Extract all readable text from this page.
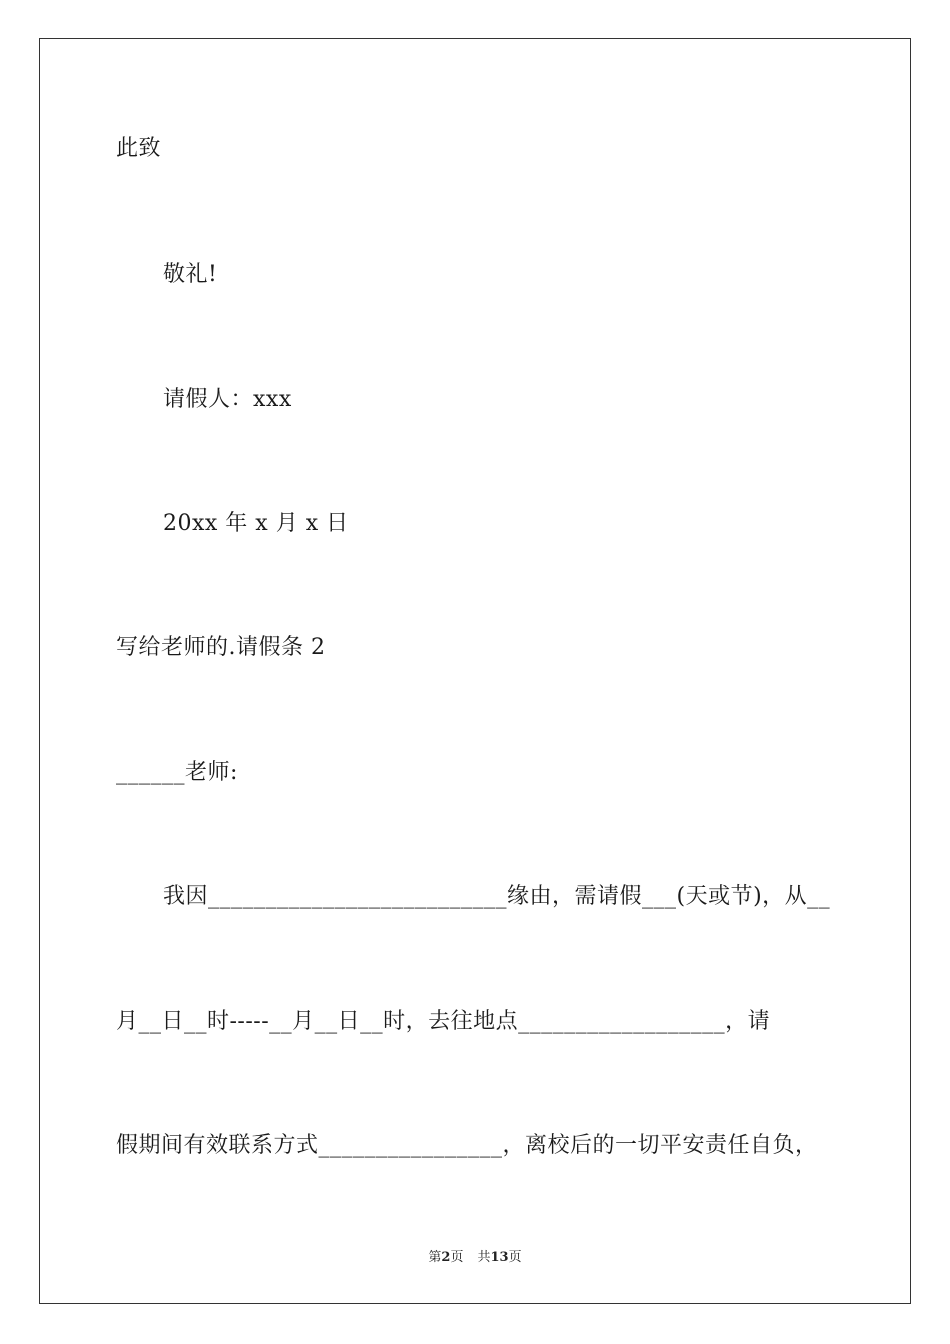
此致
敬礼!
请假人：xxx
20xx 年 x 月 x 日
写给老师的.请假条 2
______老师:
我因__________________________缘由，需请假___(天或节)，从__
月__日__时-----__月__日__时，去往地点__________________，请
假期间有效联系方式________________，离校后的一切平安责任自负，
第2页 共13页
